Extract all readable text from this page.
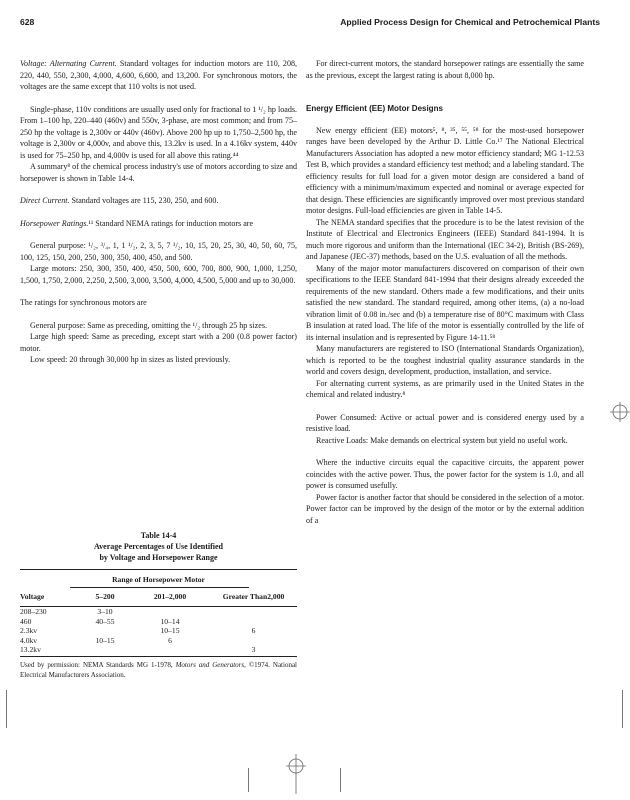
628	Applied Process Design for Chemical and Petrochemical Plants

Voltage: Alternating Current. Standard voltages for induction motors are 110, 208, 220, 440, 550, 2,300, 4,000, 4,600, 6,600, and 13,200. For synchronous motors, the voltages are the same except that 110 volts is not used.

Single-phase, 110v conditions are usually used only for fractional to 1 ¹/₂ hp loads. From 1–100 hp, 220–440 (460v) and 550v, 3-phase, are most common; and from 75–250 hp the voltage is 2,300v or 440v (460v). Above 200 hp up to 1,750–2,500 hp, the voltage is 2,300v or 4,000v, and above this, 13.2kv is used. In a 4.16kv system, 440v is used for 75–250 hp, and 4,000v is used for all above this rating.⁴⁴

A summary⁸ of the chemical process industry's use of motors according to size and horsepower is shown in Table 14-4.

Direct Current. Standard voltages are 115, 230, 250, and 600.

Horsepower Ratings.¹¹ Standard NEMA ratings for induction motors are

General purpose: ¹/₂, ³/₄, 1, 1 ¹/₂, 2, 3, 5, 7 ¹/₂, 10, 15, 20, 25, 30, 40, 50, 60, 75, 100, 125, 150, 200, 250, 300, 350, 400, 450, and 500.

Large motors: 250, 300, 350, 400, 450, 500, 600, 700, 800, 900, 1,000, 1,250, 1,500, 1,750, 2,000, 2,250, 2,500, 3,000, 3,500, 4,000, 4,500, 5,000 and up to 30,000.

The ratings for synchronous motors are

General purpose: Same as preceding, omitting the ¹/₂ through 25 hp sizes.

Large high speed: Same as preceding, except start with a 200 (0.8 power factor) motor.

Low speed: 20 through 30,000 hp in sizes as listed previously.

Table 14-4
Average Percentages of Use Identified
by Voltage and Horsepower Range
Range of Horsepower Motor
Voltage	5–200	201–2,000	Greater Than2,000
208–230	3–10		
460	40–55	10–14	
2.3kv		10–15	6
4.0kv	10–15	6	
13.2kv			3
Used by permission: NEMA Standards MG 1-1978, Motors and Generators, ©1974. National Electrical Manufacturers Association.

For direct-current motors, the standard horsepower ratings are essentially the same as the previous, except the largest rating is about 8,000 hp.

Energy Efficient (EE) Motor Designs

New energy efficient (EE) motors⁵, ⁸, ³⁵, ⁵⁵, ⁵⁸ for the most-used horsepower ranges have been developed by the Arthur D. Little Co.¹⁷ The National Electrical Manufacturers Association has adopted a new motor efficiency standard; MG 1-12.53 Test B, which provides a standard efficiency test method; and a labeling standard. The efficiency results for full load for a given motor design are considered a band of efficiency with a minimum/maximum expected and nominal or average expected for that design. These efficiencies are significantly improved over most previous standard motor designs. Full-load efficiencies are given in Table 14-5.

The NEMA standard specifies that the procedure is to be the latest revision of the Institute of Electrical and Electronics Engineers (IEEE) Standard 841-1994. It is much more rigorous and uniform than the International (IEC 34-2), British (BS-269), and Japanese (JEC-37) methods, based on the U.S. evaluation of all the methods.

Many of the major motor manufacturers discovered on comparison of their own specifications to the IEEE Standard 841-1994 that their designs already exceeded the requirements of the new standard. Others made a few modifications, and their units satisfied the new standard. The standard required, among other items, (a) a no-load vibration limit of 0.08 in./sec and (b) a temperature rise of 80°C maximum with Class B insulation at rated load. The life of the motor is essentially controlled by the life of its internal insulation and is represented by Figure 14-11.⁵⁸

Many manufacturers are registered to ISO (International Standards Organization), which is reported to be the toughest industrial quality assurance standards in the world and covers design, development, production, installation, and service.

For alternating current systems, as are primarily used in the United States in the chemical and related industry.⁸

Power Consumed: Active or actual power and is considered energy used by a resistive load.

Reactive Loads: Make demands on electrical system but yield no useful work.

Where the inductive circuits equal the capacitive circuits, the apparent power coincides with the active power. Thus, the power factor for the system is 1.0, and all power is consumed usefully.

Power factor is another factor that should be considered in the selection of a motor. Power factor can be improved by the design of the motor or by the external addition of a
